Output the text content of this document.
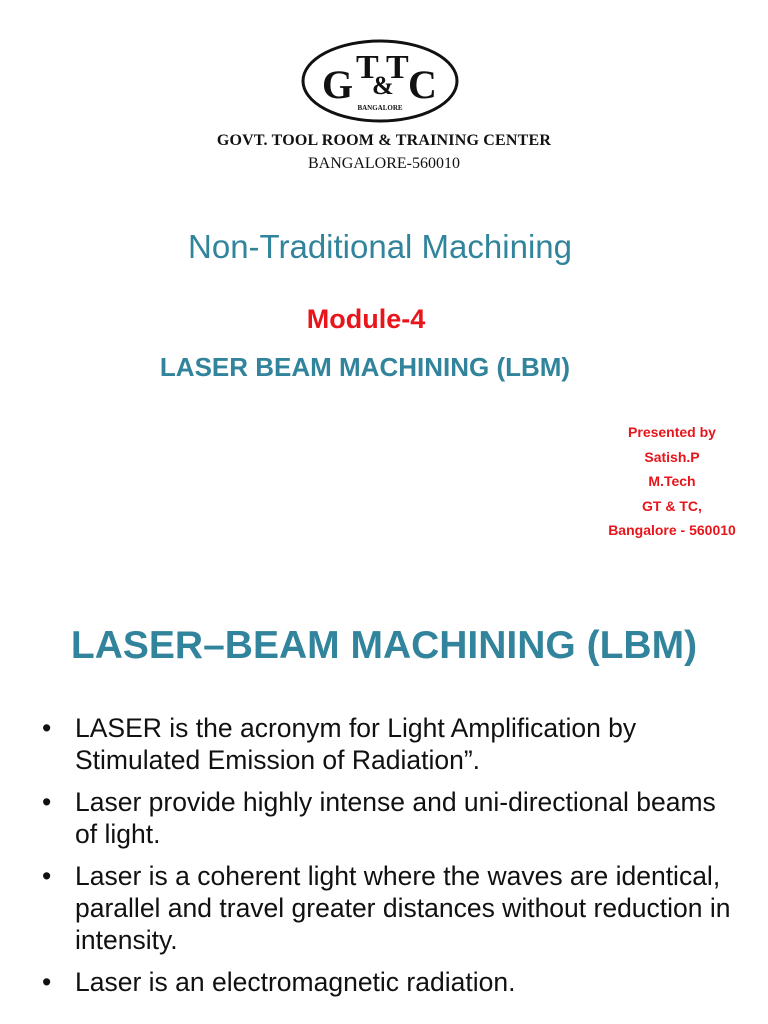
G T
&
T C
BANGALORE
GOVT. TOOL ROOM & TRAINING CENTER
BANGALORE-560010
Non-Traditional Machining
Module-4
LASER BEAM MACHINING (LBM)
Presented by
Satish.P
M.Tech
GT & TC,
Bangalore - 560010
LASER–BEAM MACHINING (LBM)
• LASER is the acronym for Light Amplification by Stimulated Emission of Radiation”.
• Laser provide highly intense and uni-directional beams of light.
• Laser is a coherent light where the waves are identical, parallel and travel greater distances without reduction in intensity.
• Laser is an electromagnetic radiation.
